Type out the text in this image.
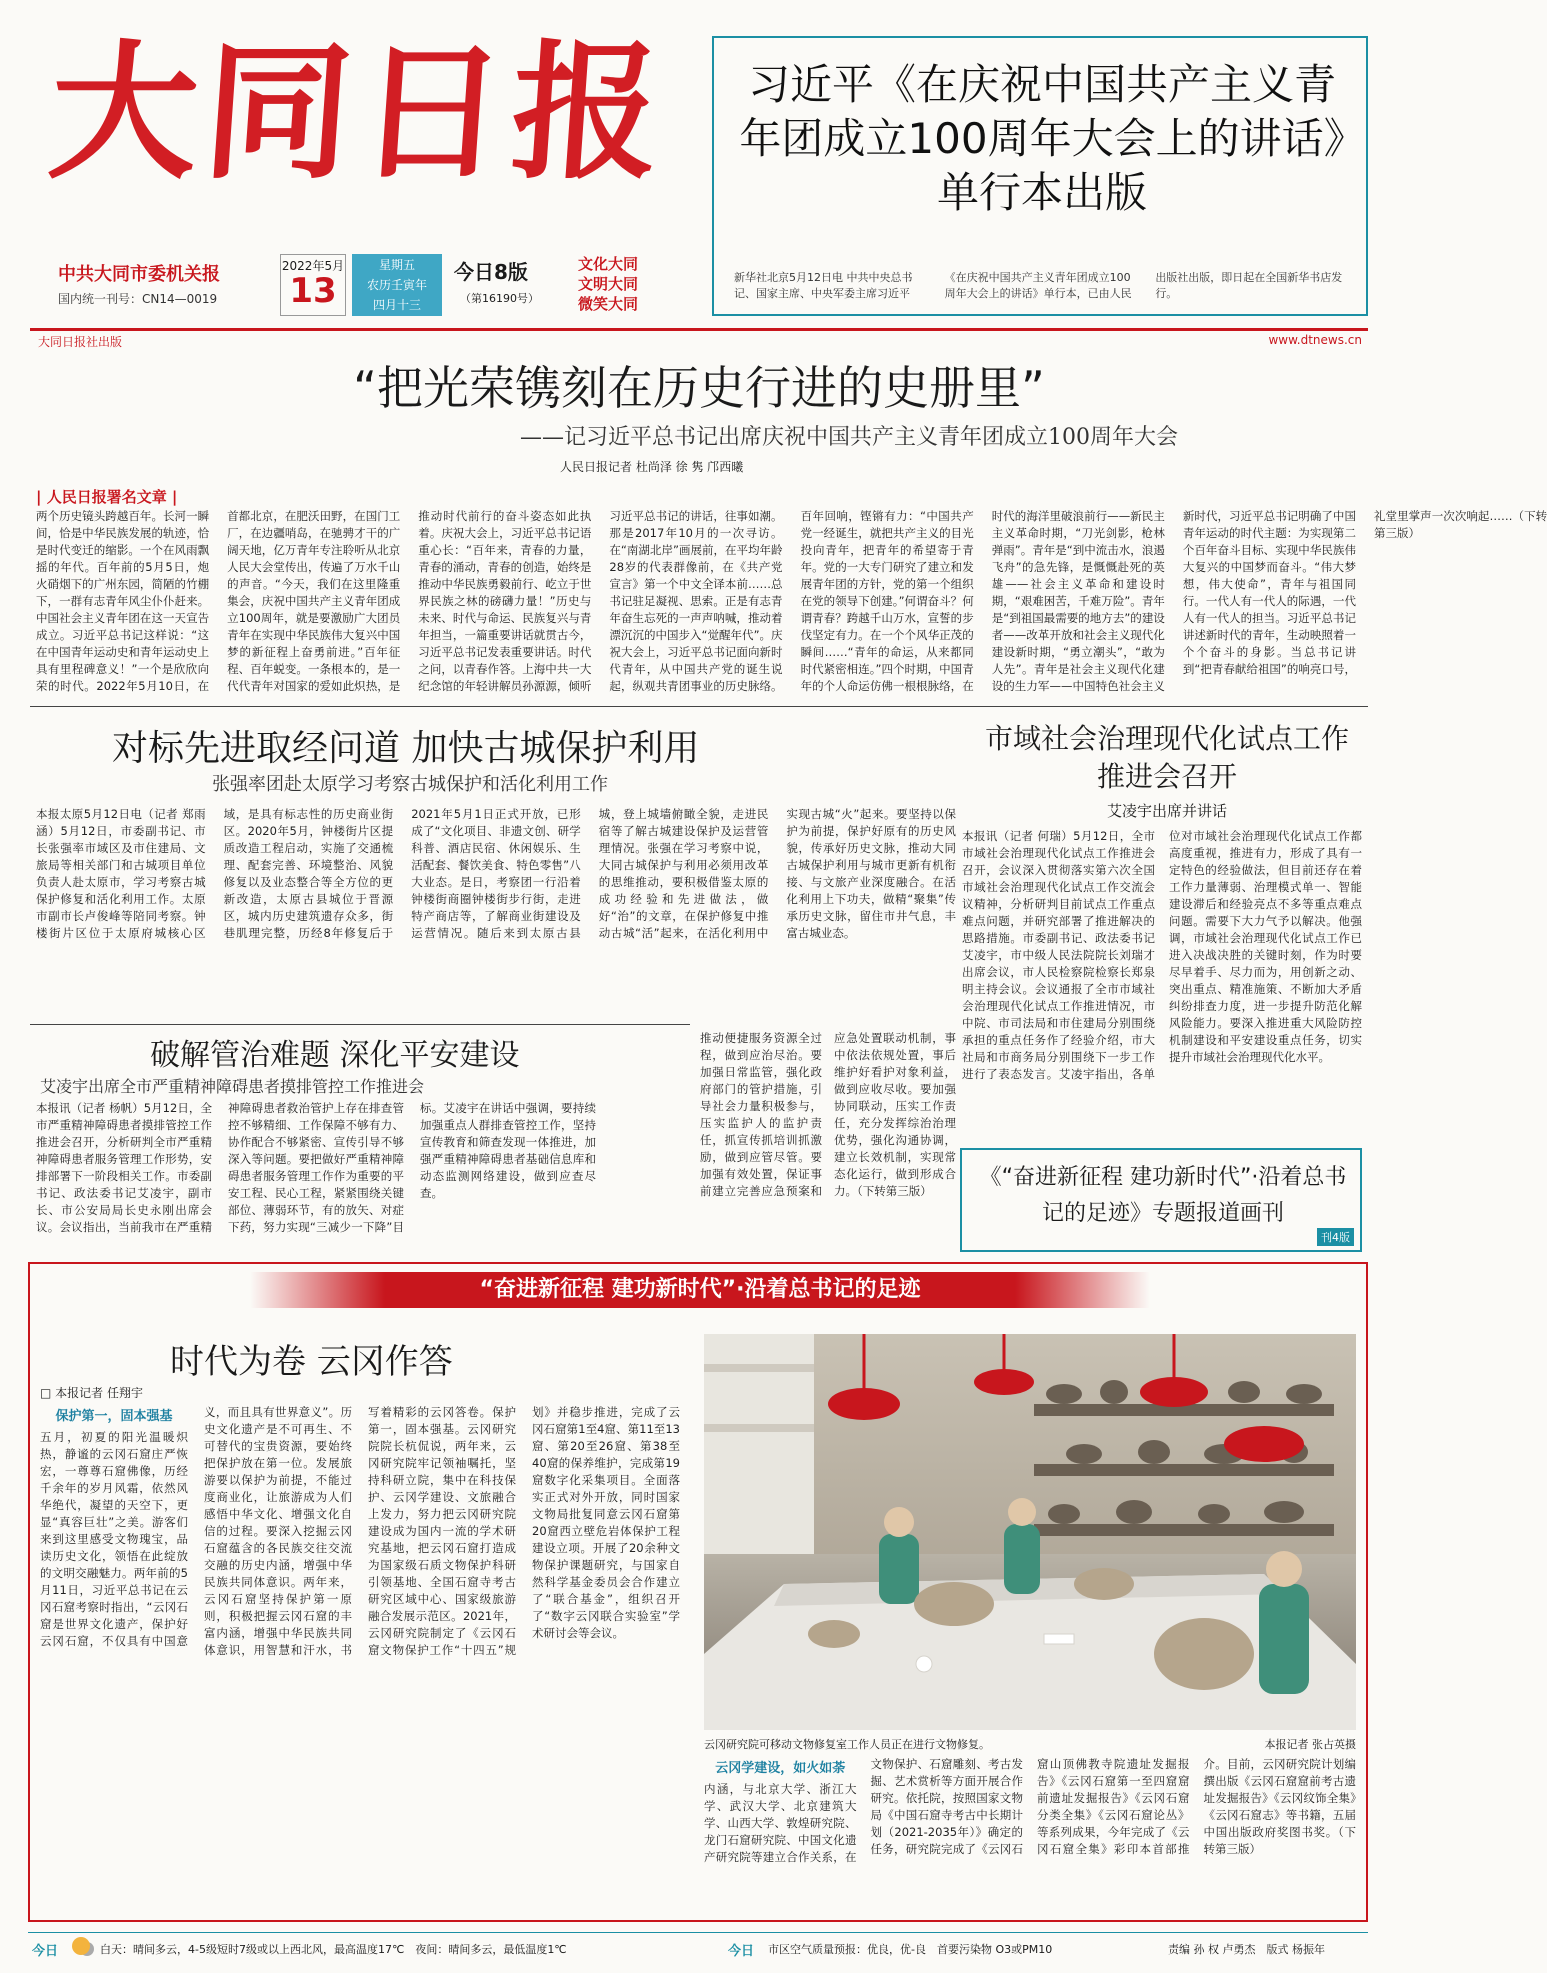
大同日报
中共大同市委机关报
国内统一刊号：CN14—0019
2022年5月
13
星期五
农历壬寅年
四月十三
今日8版
（第16190号）
文化大同
文明大同
微笑大同
习近平《在庆祝中国共产主义青年团成立100周年大会上的讲话》单行本出版
新华社北京5月12日电 中共中央总书记、国家主席、中央军委主席习近平《在庆祝中国共产主义青年团成立100周年大会上的讲话》单行本，已由人民出版社出版，即日起在全国新华书店发行。
大同日报社出版	www.dtnews.cn
“把光荣镌刻在历史行进的史册里”
——记习近平总书记出席庆祝中国共产主义青年团成立100周年大会
人民日报记者 杜尚泽 徐 隽 邝西曦
| 人民日报署名文章 |
两个历史镜头跨越百年。长河一瞬间，恰是中华民族发展的轨迹，恰是时代变迁的缩影。一个在风雨飘摇的年代。百年前的5月5日，炮火硝烟下的广州东园，简陋的竹棚下，一群有志青年风尘仆仆赶来。中国社会主义青年团在这一天宣告成立。习近平总书记这样说：“这在中国青年运动史和青年运动史上具有里程碑意义！”一个是欣欣向荣的时代。2022年5月10日，在首都北京，在肥沃田野，在国门工厂，在边疆哨岛，在驰骋才干的广阔天地，亿万青年专注聆听从北京人民大会堂传出，传遍了万水千山的声音。“今天，我们在这里隆重集会，庆祝中国共产主义青年团成立100周年，就是要激励广大团员青年在实现中华民族伟大复兴中国梦的新征程上奋勇前进。”百年征程、百年蜕变。一条根本的，是一代代青年对国家的爱如此炽热，是推动时代前行的奋斗姿态如此执着。庆祝大会上，习近平总书记语重心长：“百年来，青春的力量，青春的涌动，青春的创造，始终是推动中华民族勇毅前行、屹立于世界民族之林的磅礴力量！”历史与未来、时代与命运、民族复兴与青年担当，一篇重要讲话就贯古今，习近平总书记发表重要讲话。时代之问，以青春作答。上海中共一大纪念馆的年轻讲解员孙源源，倾听习近平总书记的讲话，往事如潮。那是2017年10月的一次寻访。在“南湖北岸”画展前，在平均年龄28岁的代表群像前，在《共产党宣言》第一个中文全译本前……总书记驻足凝视、思索。正是有志青年奋生忘死的一声声呐喊，推动着漂沉沉的中国步入“觉醒年代”。庆祝大会上，习近平总书记面向新时代青年，从中国共产党的诞生说起，纵观共青团事业的历史脉络。百年回响，铿锵有力：“中国共产党一经诞生，就把共产主义的目光投向青年，把青年的希望寄于青年。党的一大专门研究了建立和发展青年团的方针，党的第一个组织在党的领导下创建。”何谓奋斗？何谓青春？跨越千山万水，宣誓的步伐坚定有力。在一个个风华正茂的瞬间……“青年的命运，从来都同时代紧密相连。”四个时期，中国青年的个人命运仿佛一根根脉络，在时代的海洋里破浪前行——新民主主义革命时期，“刀光剑影，枪林弹雨”。青年是“到中流击水，浪遏飞舟”的急先锋，是慨慨赴死的英雄——社会主义革命和建设时期，“艰难困苦，千难万险”。青年是“到祖国最需要的地方去”的建设者——改革开放和社会主义现代化建设新时期，“勇立潮头”，“敢为人先”。青年是社会主义现代化建设的生力军——中国特色社会主义新时代，习近平总书记明确了中国青年运动的时代主题：为实现第二个百年奋斗目标、实现中华民族伟大复兴的中国梦而奋斗。“伟大梦想，伟大使命”，青年与祖国同行。一代人有一代人的际遇，一代人有一代人的担当。习近平总书记讲述新时代的青年，生动映照着一个个奋斗的身影。当总书记讲到“把青春献给祖国”的响亮口号，礼堂里掌声一次次响起……（下转第三版）
对标先进取经问道 加快古城保护利用
张强率团赴太原学习考察古城保护和活化利用工作
本报太原5月12日电（记者 郑雨涵）5月12日，市委副书记、市长张强率市域区及市住建局、文旅局等相关部门和古城项目单位负责人赴太原市，学习考察古城保护修复和活化利用工作。太原市副市长卢俊峰等陪同考察。钟楼街片区位于太原府城核心区域，是具有标志性的历史商业街区。2020年5月，钟楼街片区提质改造工程启动，实施了交通梳理、配套完善、环境整治、风貌修复以及业态整合等全方位的更新改造，太原古县城位于晋源区，城内历史建筑遗存众多，街巷肌理完整，历经8年修复后于2021年5月1日正式开放，已形成了“文化项目、非遗文创、研学科普、酒店民宿、休闲娱乐、生活配套、餐饮美食、特色零售”八大业态。是日，考察团一行沿着钟楼街商圈钟楼街步行街，走进特产商店等，了解商业街建设及运营情况。随后来到太原古县城，登上城墙俯瞰全貌，走进民宿等了解古城建设保护及运营管理情况。张强在学习考察中说，大同古城保护与利用必须用改革的思维推动，要积极借鉴太原的成功经验和先进做法，做好“治”的文章，在保护修复中推动古城“活”起来，在活化利用中实现古城“火”起来。要坚持以保护为前提，保护好原有的历史风貌，传承好历史文脉，推动大同古城保护利用与城市更新有机衔接、与文旅产业深度融合。在活化利用上下功夫，做精“聚集”传承历史文脉，留住市井气息，丰富古城业态。
市域社会治理现代化试点工作推进会召开
艾凌宇出席并讲话
本报讯（记者 何瑞）5月12日，全市市域社会治理现代化试点工作推进会召开，会议深入贯彻落实第六次全国市域社会治理现代化试点工作交流会议精神，分析研判目前试点工作重点难点问题，并研究部署了推进解决的思路措施。市委副书记、政法委书记艾凌宇，市中级人民法院院长刘瑞才出席会议，市人民检察院检察长郑泉明主持会议。会议通报了全市市域社会治理现代化试点工作推进情况，市中院、市司法局和市住建局分别围绕承担的重点任务作了经验介绍，市大社局和市商务局分别围绕下一步工作进行了表态发言。艾凌宇指出，各单位对市域社会治理现代化试点工作都高度重视，推进有力，形成了具有一定特色的经验做法，但目前还存在着工作力量薄弱、治理模式单一、智能建设滞后和经验亮点不多等重点难点问题。需要下大力气予以解决。他强调，市域社会治理现代化试点工作已进入决战决胜的关键时刻，作为时要尽早着手、尽力而为，用创新之动、突出重点、精准施策、不断加大矛盾纠纷排查力度，进一步提升防范化解风险能力。要深入推进重大风险防控机制建设和平安建设重点任务，切实提升市域社会治理现代化水平。
破解管治难题 深化平安建设
艾凌宇出席全市严重精神障碍患者摸排管控工作推进会
本报讯（记者 杨帆）5月12日，全市严重精神障碍患者摸排管控工作推进会召开，分析研判全市严重精神障碍患者服务管理工作形势，安排部署下一阶段相关工作。市委副书记、政法委书记艾凌宇，副市长、市公安局局长史永刚出席会议。会议指出，当前我市在严重精神障碍患者救治管护上存在排查管控不够精细、工作保障不够有力、协作配合不够紧密、宣传引导不够深入等问题。要把做好严重精神障碍患者服务管理工作作为重要的平安工程、民心工程，紧紧围绕关键部位、薄弱环节，有的放矢、对症下药，努力实现“三减少一下降”目标。艾凌宇在讲话中强调，要持续加强重点人群排查管控工作，坚持宣传教育和筛查发现一体推进，加强严重精神障碍患者基础信息库和动态监测网络建设，做到应查尽查。
推动便捷服务资源全过程，做到应治尽治。要加强日常监管，强化政府部门的管护措施，引导社会力量积极参与，压实监护人的监护责任，抓宣传抓培训抓激励，做到应管尽管。要加强有效处置，保证事前建立完善应急预案和应急处置联动机制，事中依法依规处置，事后维护好看护对象利益，做到应收尽收。要加强协同联动，压实工作责任，充分发挥综治治理优势，强化沟通协调，建立长效机制，实现常态化运行，做到形成合力。（下转第三版）
《“奋进新征程 建功新时代”·沿着总书记的足迹》专题报道画刊
刊4版
“奋进新征程 建功新时代”·沿着总书记的足迹
时代为卷 云冈作答
□ 本报记者 任翔宇
保护第一，固本强基
五月，初夏的阳光温暖炽热，静谧的云冈石窟庄严恢宏，一尊尊石窟佛像，历经千余年的岁月风霜，依然风华绝代，凝望的天空下，更显“真容巨壮”之美。游客们来到这里感受文物瑰宝，品读历史文化，领悟在此绽放的文明交融魅力。两年前的5月11日，习近平总书记在云冈石窟考察时指出，“云冈石窟是世界文化遗产，保护好云冈石窟，不仅具有中国意义，而且具有世界意义”。历史文化遗产是不可再生、不可替代的宝贵资源，要始终把保护放在第一位。发展旅游要以保护为前提，不能过度商业化，让旅游成为人们感悟中华文化、增强文化自信的过程。要深入挖掘云冈石窟蕴含的各民族交往交流交融的历史内涵，增强中华民族共同体意识。两年来，云冈石窟坚持保护第一原则，积极把握云冈石窟的丰富内涵，增强中华民族共同体意识，用智慧和汗水，书写着精彩的云冈答卷。保护第一，固本强基。云冈研究院院长杭侃说，两年来，云冈研究院牢记领袖嘱托，坚持科研立院，集中在科技保护、云冈学建设、文旅融合上发力，努力把云冈研究院建设成为国内一流的学术研究基地，把云冈石窟打造成为国家级石质文物保护科研引领基地、全国石窟寺考古研究区域中心、国家级旅游融合发展示范区。2021年，云冈研究院制定了《云冈石窟文物保护工作“十四五”规划》并稳步推进，完成了云冈石窟第1至4窟、第11至13窟、第20至26窟、第38至40窟的保养维护，完成第19窟数字化采集项目。全面落实正式对外开放，同时国家文物局批复同意云冈石窟第20窟西立壁危岩体保护工程建设立项。开展了20余种文物保护课题研究，与国家自然科学基金委员会合作建立了“联合基金”，组织召开了“数字云冈联合实验室”学术研讨会等会议。
云冈研究院可移动文物修复室工作人员正在进行文物修复。	本报记者 张占英摄
云冈学建设，如火如荼
内涵，与北京大学、浙江大学、武汉大学、北京建筑大学、山西大学、敦煌研究院、龙门石窟研究院、中国文化遗产研究院等建立合作关系，在文物保护、石窟雕刻、考古发掘、艺术赏析等方面开展合作研究。依托院，按照国家文物局《中国石窟寺考古中长期计划（2021-2035年）》确定的任务，研究院完成了《云冈石窟山顶佛教寺院遗址发掘报告》《云冈石窟第一至四窟窟前遗址发掘报告》《云冈石窟分类全集》《云冈石窟论丛》等系列成果，今年完成了《云冈石窟全集》彩印本首部推介。目前，云冈研究院计划编撰出版《云冈石窟窟前考古遗址发掘报告》《云冈纹饰全集》《云冈石窟志》等书籍，五届中国出版政府奖图书奖。（下转第三版）
今日	白天：晴间多云，4-5级短时7级或以上西北风，最高温度17℃　夜间：晴间多云，最低温度1℃	今日 市区空气质量预报：优良，优-良　首要污染物 O3或PM10	责编 孙 权 卢勇杰　版式 杨振年
